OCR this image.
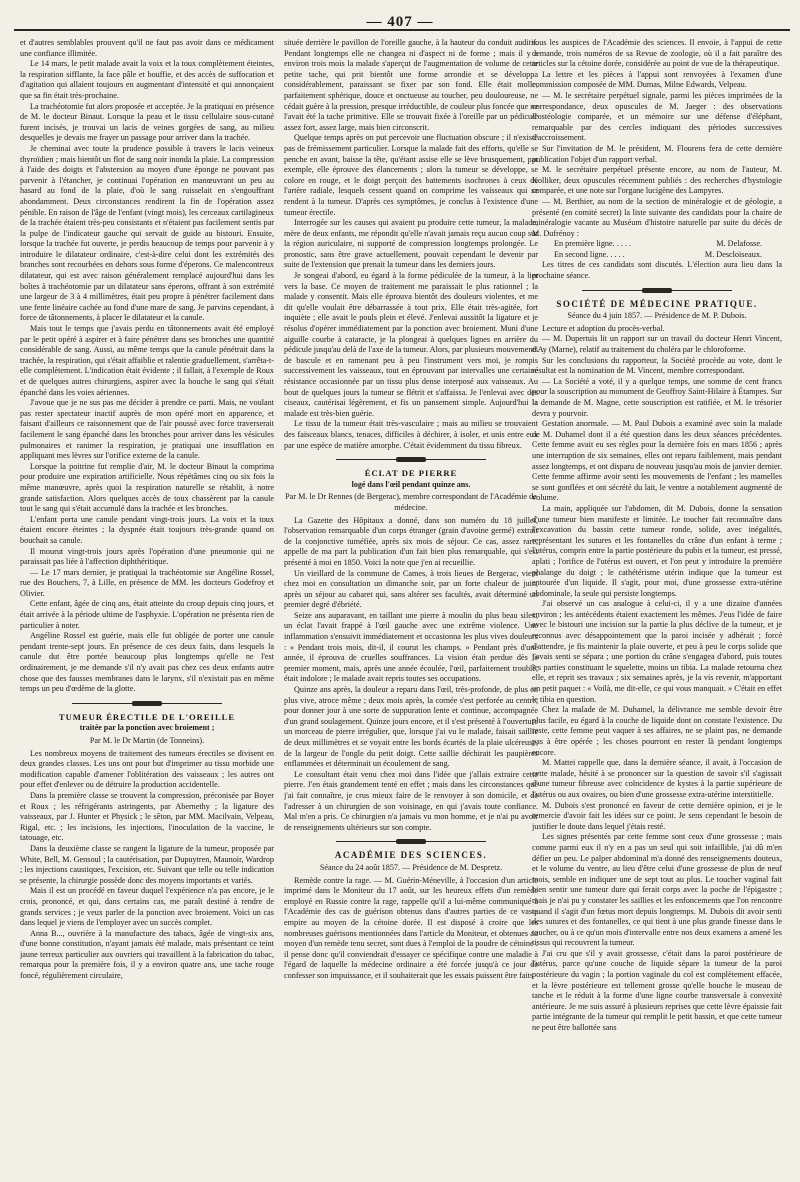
— 407 —

et d'autres semblables prouvent qu'il ne faut pas avoir dans ce médicament une confiance illimitée.

Le 14 mars, le petit malade avait la voix et la toux complètement éteintes, la respiration sifflante, la face pâle et bouffie, et des accès de suffocation et d'agitation qui allaient toujours en augmentant d'intensité et qui annonçaient que sa fin était très-prochaine.

La trachéotomie fut alors proposée et acceptée. Je la pratiquai en présence de M. le docteur Binaut. Lorsque la peau et le tissu cellulaire sous-cutané furent incisés, je trouvai un lacis de veines gorgées de sang, au milieu desquelles je devais me frayer un passage pour arriver dans la trachée.

Je cheminai avec toute la prudence possible à travers le lacis veineux thyroïdien ; mais bientôt un flot de sang noir inonda la plaie. La compression à l'aide des doigts et l'abstersion au moyen d'une éponge ne pouvant pas parvenir à l'étancher, je continuai l'opération en manœuvrant un peu au hasard au fond de la plaie, d'où le sang ruisselait en s'engouffrant abondamment. Deux circonstances rendirent la fin de l'opération assez pénible. En raison de l'âge de l'enfant (vingt mois), les cerceaux cartilagineux de la trachée étaient très-peu consistants et n'étaient pas facilement sentis par la pulpe de l'indicateur gauche qui servait de guide au bistouri. Ensuite, lorsque la trachée fut ouverte, je perdis beaucoup de temps pour parvenir à y introduire le dilatateur ordinaire, c'est-à-dire celui dont les extrémités des branches sont recourbées en dehors sous forme d'éperons. Ce malencontreux dilatateur, qui est avec raison généralement remplacé aujourd'hui dans les boîtes à trachéotomie par un dilatateur sans éperons, offrant à son extrémité une largeur de 3 à 4 millimètres, était peu propre à pénétrer facilement dans une fente linéaire cachée au fond d'une mare de sang. Je parvins cependant, à force de tâtonnements, à placer le dilatateur et la canule.

Mais tout le temps que j'avais perdu en tâtonnements avait été employé par le petit opéré à aspirer et à faire pénétrer dans ses bronches une quantité considérable de sang. Aussi, au même temps que la canule pénétrait dans la trachée, la respiration, qui s'était affaiblie et ralentie graduellement, s'arrêta-t-elle complètement. L'indication était évidente ; il fallait, à l'exemple de Roux et de quelques autres chirurgiens, aspirer avec la bouche le sang qui s'était épanché dans les voies aériennes.

J'avoue que je ne sus pas me décider à prendre ce parti. Mais, ne voulant pas rester spectateur inactif auprès de mon opéré mort en apparence, et faisant d'ailleurs ce raisonnement que de l'air poussé avec force traverserait facilement le sang épanché dans les bronches pour arriver dans les vésicules pulmonaires et ranimer la respiration, je pratiquai une insufflation en appliquant mes lèvres sur l'orifice externe de la canule.

Lorsque la poitrine fut remplie d'air, M. le docteur Binaut la comprima pour produire une expiration artificielle. Nous répétâmes cinq ou six fois la même manœuvre, après quoi la respiration naturelle se rétablit, à notre grande satisfaction. Alors quelques accès de toux chassèrent par la canule tout le sang qui s'était accumulé dans la trachée et les bronches.

L'enfant porta une canule pendant vingt-trois jours. La voix et la toux étaient encore éteintes ; la dyspnée était toujours très-grande quand on bouchait sa canule.

Il mourut vingt-trois jours après l'opération d'une pneumonie qui ne paraissait pas liée à l'affection diphthéritique.

— Le 17 mars dernier, je pratiquai la trachéotomie sur Angéline Rossel, rue des Bouchers, 7, à Lille, en présence de MM. les docteurs Godefroy et Olivier.

Cette enfant, âgée de cinq ans, était atteinte du croup depuis cinq jours, et était arrivée à la période ultime de l'asphyxie. L'opération ne présenta rien de particulier à noter.

Angéline Rossel est guérie, mais elle fut obligée de porter une canule pendant trente-sept jours. En présence de ces deux faits, dans lesquels la canule dut être portée beaucoup plus longtemps qu'elle ne l'est ordinairement, je me demande s'il n'y avait pas chez ces deux enfants autre chose que des fausses membranes dans le larynx, s'il n'existait pas en même temps un peu d'œdème de la glotte.

TUMEUR ÉRECTILE DE L'OREILLE
traitée par la ponction avec broiement ;
Par M. le Dr Martin (de Tonneins).

Les nombreux moyens de traitement des tumeurs érectiles se divisent en deux grandes classes. Les uns ont pour but d'imprimer au tissu morbide une modification capable d'amener l'oblitération des vaisseaux ; les autres ont pour effet d'enlever ou de détruire la production accidentelle.

Dans la première classe se trouvent la compression, préconisée par Boyer et Roux ; les réfrigérants astringents, par Abernethy ; la ligature des vaisseaux, par J. Hunter et Physick ; le sêton, par MM. Macilvain, Velpeau, Rigal, etc. ; les incisions, les injections, l'inoculation de la vaccine, le tatouage, etc.

Dans la deuxième classe se rangent la ligature de la tumeur, proposée par White, Bell, M. Gensoul ; la cautérisation, par Dupuytren, Maunoir, Wardrop ; les injections caustiques, l'excision, etc. Suivant que telle ou telle indication se présente, la chirurgie possède donc des moyens importants et variés.

Mais il est un procédé en faveur duquel l'expérience n'a pas encore, je le crois, prononcé, et qui, dans certains cas, me paraît destiné à rendre de grands services ; je veux parler de la ponction avec broiement. Voici un cas dans lequel je viens de l'employer avec un succès complet.

Anna B..., ouvrière à la manufacture des tabacs, âgée de vingt-six ans, d'une bonne constitution, n'ayant jamais été malade, mais présentant ce teint jaune terreux particulier aux ouvriers qui travaillent à la fabrication du tabac, remarqua pour la première fois, il y a environ quatre ans, une tache rouge foncé, régulièrement circulaire,

située derrière le pavillon de l'oreille gauche, à la hauteur du conduit auditif. Pendant longtemps elle ne changea ni d'aspect ni de forme ; mais il y a environ trois mois la malade s'aperçut de l'augmentation de volume de cette petite tache, qui prit bientôt une forme arrondie et se développa considérablement, paraissant se fixer par son fond. Elle était molle, parfaitement sphérique, douce et onctueuse au toucher, peu douloureuse, ne cédait guère à la pression, presque irréductible, de couleur plus foncée que ne l'avait été la tache primitive. Elle se trouvait fixée à l'oreille par un pédicule assez fort, assez large, mais bien circonscrit.

Quelque temps après on put percevoir une fluctuation obscure ; il n'existe pas de frémissement particulier. Lorsque la malade fait des efforts, qu'elle se penche en avant, baisse la tête, qu'étant assise elle se lève brusquement, par exemple, elle éprouve des élancements ; alors la tumeur se développe, se colore en rouge, et le doigt perçoit des battements isochrones à ceux de l'artère radiale, lesquels cessent quand on comprime les vaisseaux qui se rendent à la tumeur. D'après ces symptômes, je conclus à l'existence d'une tumeur érectile.

Interrogée sur les causes qui avaient pu produire cette tumeur, la malade, mère de deux enfants, me répondit qu'elle n'avait jamais reçu aucun coup sur la région auriculaire, ni supporté de compression longtemps prolongée. Le pronostic, sans être grave actuellement, pouvait cependant le devenir par suite de l'extension que prenait la tumeur dans les derniers jours.

Je songeai d'abord, eu égard à la forme pédiculée de la tumeur, à la lier vers la base. Ce moyen de traitement me paraissait le plus rationnel ; la malade y consentit. Mais elle éprouva bientôt des douleurs violentes, et me dit qu'elle voulait être débarrassée à tout prix. Elle était très-agitée, fort inquiète ; elle avait le pouls plein et élevé. J'enlevai aussitôt la ligature et je résolus d'opérer immédiatement par la ponction avec broiement. Muni d'une aiguille courbe à cataracte, je la plongeai à quelques lignes en arrière du pédicule jusqu'au delà de l'axe de la tumeur. Alors, par plusieurs mouvements de bascule et en ramenant peu à peu l'instrument vers moi, je rompis successivement les vaisseaux, tout en éprouvant par intervalles une certaine résistance occasionnée par un tissu plus dense interposé aux vaisseaux. Au bout de quelques jours la tumeur se flétrit et s'affaissa. Je l'enlevai avec des ciseaux, cautérisai légèrement, et fis un pansement simple. Aujourd'hui la malade est très-bien guérie.

Le tissu de la tumeur était très-vasculaire ; mais au milieu se trouvaient des faisceaux blancs, tenaces, difficiles à déchirer, à isoler, et unis entre eux par une espèce de matière amorphe. C'était évidemment du tissu fibreux.

ÉCLAT DE PIERRE
logé dans l'œil pendant quinze ans.
Par M. le Dr Rennes (de Bergerac), membre correspondant de l'Académie de médecine.

La Gazette des Hôpitaux a donné, dans son numéro du 18 juillet, l'observation remarquable d'un corps étranger (grain d'avoine germé) extrait de la conjonctive tuméfiée, après six mois de séjour. Ce cas, assez rare, appelle de ma part la publication d'un fait bien plus remarquable, qui s'est présenté à moi en 1850. Voici la note que j'en ai recueillie.

Un vieillard de la commune de Cames, à trois lieues de Bergerac, vient chez moi en consultation un dimanche soir, par un forte chaleur de juin, après un séjour au cabaret qui, sans altérer ses facultés, avait déterminé un premier degré d'ébriété.

Seize ans auparavant, en taillant une pierre à moulin du plus beau silex, un éclat l'avait frappé à l'œil gauche avec une extrême violence. Une inflammation s'ensuivit immédiatement et occasionna les plus vives douleurs : « Pendant trois mois, dit-il, il courut les champs. » Pendant près d'une année, il éprouva de cruelles souffrances. La vision était perdue dès le premier moment, mais, après une année écoulée, l'œil, parfaitement troublé, était indolore ; le malade avait repris toutes ses occupations.

Quinze ans après, la douleur a reparu dans l'œil, très-profonde, de plus en plus vive, atroce même ; deux mois après, la cornée s'est perforée au centre, pour donner jour à une sorte de suppuration lente et continue, accompagnée d'un grand soulagement. Quinze jours encore, et il s'est présenté à l'ouverture un morceau de pierre irrégulier, que, lorsque j'ai vu le malade, faisait saillie de deux millimètres et se voyait entre les bords écartés de la plaie ulcéreuse, de la largeur de l'ongle du petit doigt. Cette saillie déchirait les paupières enflammées et déterminait un écoulement de sang.

Le consultant était venu chez moi dans l'idée que j'allais extraire cette pierre. J'en étais grandement tenté en effet ; mais dans les circonstances que j'ai fait connaître, je crus mieux faire de le renvoyer à son domicile, et de l'adresser à un chirurgien de son voisinage, en qui j'avais toute confiance. Mal m'en a pris. Ce chirurgien n'a jamais vu mon homme, et je n'ai pu avoir de renseignements ultérieurs sur son compte.

ACADÉMIE DES SCIENCES.
Séance du 24 août 1857. — Présidence de M. Despretz.

Remède contre la rage. — M. Guérin-Méneville, à l'occasion d'un article imprimé dans le Moniteur du 17 août, sur les heureux effets d'un remède employé en Russie contre la rage, rappelle qu'il a lui-même communiqué à l'Académie des cas de guérison obtenus dans d'autres parties de ce vaste empire au moyen de la cétoine dorée. Il est disposé à croire que les nombreuses guérisons mentionnées dans l'article du Moniteur, et obtenues au moyen d'un remède tenu secret, sont dues à l'emploi de la poudre de cétoine : il pense donc qu'il conviendrait d'essayer ce spécifique contre une maladie à l'égard de laquelle la médecine ordinaire a été forcée jusqu'à ce jour de confesser son impuissance, et il souhaiterait que les essais puissent être faits

sous les auspices de l'Académie des sciences. Il envoie, à l'appui de cette demande, trois numéros de sa Revue de zoologie, où il a fait paraître des articles sur la cétoine dorée, considérée au point de vue de la thérapeutique.

La lettre et les pièces à l'appui sont renvoyées à l'examen d'une commission composée de MM. Dumas, Milne Edwards, Velpeau.

— M. le secrétaire perpétuel signale, parmi les pièces imprimées de la correspondance, deux opuscules de M. Jaeger : des observations d'ostéologie comparée, et un mémoire sur une défense d'éléphant, remarquable par des cercles indiquant des périodes successives d'accroissement.

Sur l'invitation de M. le président, M. Flourens fera de cette dernière publication l'objet d'un rapport verbal.

M. le secrétaire perpétuel présente encore, au nom de l'auteur, M. Kolliker, deux opuscules récemment publiés : des recherches d'hystologie comparée, et une note sur l'organe lucigène des Lampyres.

— M. Berthier, au nom de la section de minéralogie et de géologie, a présenté (en comité secret) la liste suivante des candidats pour la chaire de minéralogie vacante au Muséum d'histoire naturelle par suite du décès de M. Dufrénoy :

En première ligne. . . . .	M. Delafosse.
En second ligne. . . . .	M. Descloiseaux.

Les titres de ces candidats sont discutés. L'élection aura lieu dans la prochaine séance.

SOCIÉTÉ DE MÉDECINE PRATIQUE.
Séance du 4 juin 1857. — Présidence de M. P. Dubois.

Lecture et adoption du procès-verbal.

— M. Dupertuis lit un rapport sur un travail du docteur Henri Vincent, d'Ay (Marne), relatif au traitement du choléra par le chloroforme.

Sur les conclusions du rapporteur, la Société procède au vote, dont le résultat est la nomination de M. Vincent, membre correspondant.

— La Société a voté, il y a quelque temps, une somme de cent francs pour la souscription au monument de Geoffroy Saint-Hilaire à Étampes. Sur la demande de M. Magne, cette souscription est ratifiée, et M. le trésorier devra y pourvoir.

Gestation anormale. — M. Paul Dubois a examiné avec soin la malade de M. Duhamel dont il a été question dans les deux séances précédentes. Cette femme avait eu ses règles pour la dernière fois en mars 1856 ; après une interruption de six semaines, elles ont reparu faiblement, mais pendant assez longtemps, et ont disparu de nouveau jusqu'au mois de janvier dernier. Cette femme affirme avoir senti les mouvements de l'enfant ; les mamelles se sont gonflées et ont sécrété du lait, le ventre a notablement augmenté de volume.

La main, appliquée sur l'abdomen, dit M. Dubois, donne la sensation d'une tumeur bien manifeste et limitée. Le toucher fait reconnaître dans l'excavation du bassin cette tumeur ronde, solide, avec inégalités, représentant les sutures et les fontanelles du crâne d'un enfant à terme ; l'utérus, compris entre la partie postérieure du pubis et la tumeur, est pressé, aplati ; l'orifice de l'utérus est ouvert, et l'on peut y introduire la première phalange du doigt ; le cathétérisme utérin indique que la tumeur est entourée d'un liquide. Il s'agit, pour moi, d'une grossesse extra-utérine abdominale, la seule qui persiste longtemps.

J'ai observé un cas analogue à celui-ci, il y a une dizaine d'années environ ; les antécédents étaient exactement les mêmes. J'eus l'idée de faire avec le bistouri une incision sur la partie la plus déclive de la tumeur, et je reconnus avec désappointement que la paroi incisée y adhérait ; forcé d'attendre, je fis maintenir la plaie ouverte, et peu à peu le corps solide que j'avais senti se sépara ; une portion du crâne s'engagea d'abord, puis toutes les parties constituant le squelette, moins un tibia. La malade retourna chez elle, et reprit ses travaux ; six semaines après, je la vis revenir, m'apportant un petit paquet : « Voilà, me dit-elle, ce qui vous manquait. » C'était en effet le tibia en question.

Chez la malade de M. Duhamel, la délivrance me semble devoir être plus facile, eu égard à la couche de liquide dont on constate l'existence. Du reste, cette femme peut vaquer à ses affaires, ne se plaint pas, ne demande pas à être opérée ; les choses pourront en rester là pendant longtemps encore.

M. Mattei rappelle que, dans la dernière séance, il avait, à l'occasion de cette malade, hésité à se prononcer sur la question de savoir s'il s'agissait d'une tumeur fibreuse avec coïncidence de kystes à la partie supérieure de l'utérus ou aux ovaires, ou bien d'une grossesse extra-utérine interstitielle.

M. Dubois s'est prononcé en faveur de cette dernière opinion, et je le remercie d'avoir fait les idées sur ce point. Je sens cependant le besoin de justifier le doute dans lequel j'étais resté.

Les signes présentés par cette femme sont ceux d'une grossesse ; mais comme parmi eux il n'y en a pas un seul qui soit infaillible, j'ai dû m'en défier un peu. Le palper abdominal m'a donné des renseignements douteux, et le volume du ventre, au lieu d'être celui d'une grossesse de plus de neuf mois, semble en indiquer une de sept tout au plus. Le toucher vaginal fait bien sentir une tumeur dure qui ferait corps avec la poche de l'épigastre ; mais je n'ai pu y constater les saillies et les enfoncements que l'on rencontre quand il s'agit d'un fœtus mort depuis longtemps. M. Dubois dit avoir senti des sutures et des fontanelles, ce qui tient à une plus grande finesse dans le toucher, ou à ce qu'un mois d'intervalle entre nos deux examens a amené les tissus qui recouvrent la tumeur.

J'ai cru que s'il y avait grossesse, c'était dans la paroi postérieure de l'utérus, parce qu'une couche de liquide sépare la tumeur de la paroi postérieure du vagin ; la portion vaginale du col est complètement effacée, et la lèvre postérieure est tellement grosse qu'elle bouche le museau de tanche et le réduit à la forme d'une ligne courbe transversale à convexité antérieure. Je me suis assuré à plusieurs reprises que cette lèvre épaissie fait partie intégrante de la tumeur qui remplit le petit bassin, et que cette tumeur ne peut être ballottée sans
